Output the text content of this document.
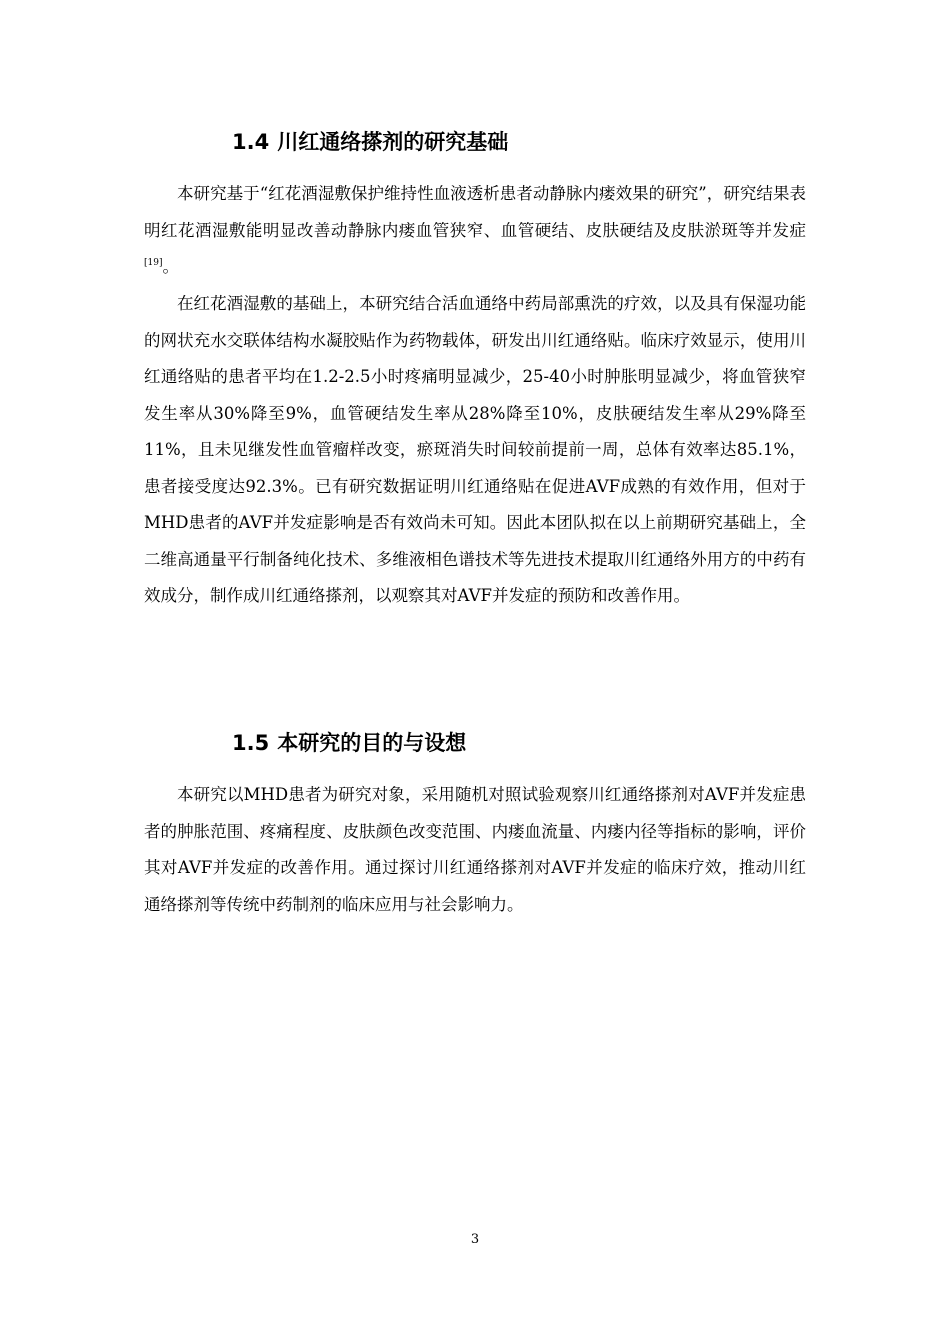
1.4 川红通络搽剂的研究基础

本研究基于“红花酒湿敷保护维持性血液透析患者动静脉内瘘效果的研究”，研究结果表明红花酒湿敷能明显改善动静脉内瘘血管狭窄、血管硬结、皮肤硬结及皮肤淤斑等并发症[19]。

在红花酒湿敷的基础上，本研究结合活血通络中药局部熏洗的疗效，以及具有保湿功能的网状充水交联体结构水凝胶贴作为药物载体，研发出川红通络贴。临床疗效显示，使用川红通络贴的患者平均在1.2-2.5小时疼痛明显减少，25-40小时肿胀明显减少，将血管狭窄发生率从30%降至9%，血管硬结发生率从28%降至10%，皮肤硬结发生率从29%降至11%，且未见继发性血管瘤样改变，瘀斑消失时间较前提前一周，总体有效率达85.1%，患者接受度达92.3%。已有研究数据证明川红通络贴在促进AVF成熟的有效作用，但对于MHD患者的AVF并发症影响是否有效尚未可知。因此本团队拟在以上前期研究基础上，全二维高通量平行制备纯化技术、多维液相色谱技术等先进技术提取川红通络外用方的中药有效成分，制作成川红通络搽剂，以观察其对AVF并发症的预防和改善作用。

1.5 本研究的目的与设想

本研究以MHD患者为研究对象，采用随机对照试验观察川红通络搽剂对AVF并发症患者的肿胀范围、疼痛程度、皮肤颜色改变范围、内瘘血流量、内瘘内径等指标的影响，评价其对AVF并发症的改善作用。通过探讨川红通络搽剂对AVF并发症的临床疗效，推动川红通络搽剂等传统中药制剂的临床应用与社会影响力。

3
